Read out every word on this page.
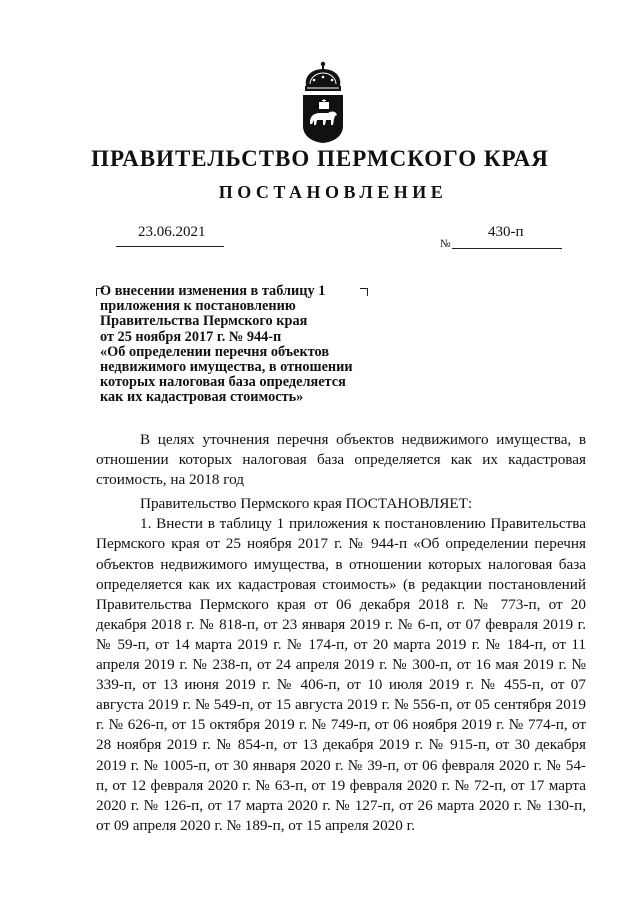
ПРАВИТЕЛЬСТВО ПЕРМСКОГО КРАЯ
ПОСТАНОВЛЕНИЕ
23.06.2021
№
430-п
О внесении изменения в таблицу 1
приложения к постановлению
Правительства Пермского края
от 25 ноября 2017 г. № 944-п
«Об определении перечня объектов
недвижимого имущества, в отношении
которых налоговая база определяется
как их кадастровая стоимость»

В целях уточнения перечня объектов недвижимого имущества, в отношении которых налоговая база определяется как их кадастровая стоимость, на 2018 год

Правительство Пермского края ПОСТАНОВЛЯЕТ:

1. Внести в таблицу 1 приложения к постановлению Правительства Пермского края от 25 ноября 2017 г. № 944-п «Об определении перечня объектов недвижимого имущества, в отношении которых налоговая база определяется как их кадастровая стоимость» (в редакции постановлений Правительства Пермского края от 06 декабря 2018 г. № 773-п, от 20 декабря 2018 г. № 818-п, от 23 января 2019 г. № 6-п, от 07 февраля 2019 г. № 59-п, от 14 марта 2019 г. № 174-п, от 20 марта 2019 г. № 184-п, от 11 апреля 2019 г. № 238-п, от 24 апреля 2019 г. № 300-п, от 16 мая 2019 г. № 339-п, от 13 июня 2019 г. № 406-п, от 10 июля 2019 г. № 455-п, от 07 августа 2019 г. № 549-п, от 15 августа 2019 г. № 556-п, от 05 сентября 2019 г. № 626-п, от 15 октября 2019 г. № 749-п, от 06 ноября 2019 г. № 774-п, от 28 ноября 2019 г. № 854-п, от 13 декабря 2019 г. № 915-п, от 30 декабря 2019 г. № 1005-п, от 30 января 2020 г. № 39-п, от 06 февраля 2020 г. № 54-п, от 12 февраля 2020 г. № 63-п, от 19 февраля 2020 г. № 72-п, от 17 марта 2020 г. № 126-п, от 17 марта 2020 г. № 127-п, от 26 марта 2020 г. № 130-п, от 09 апреля 2020 г. № 189-п, от 15 апреля 2020 г.
